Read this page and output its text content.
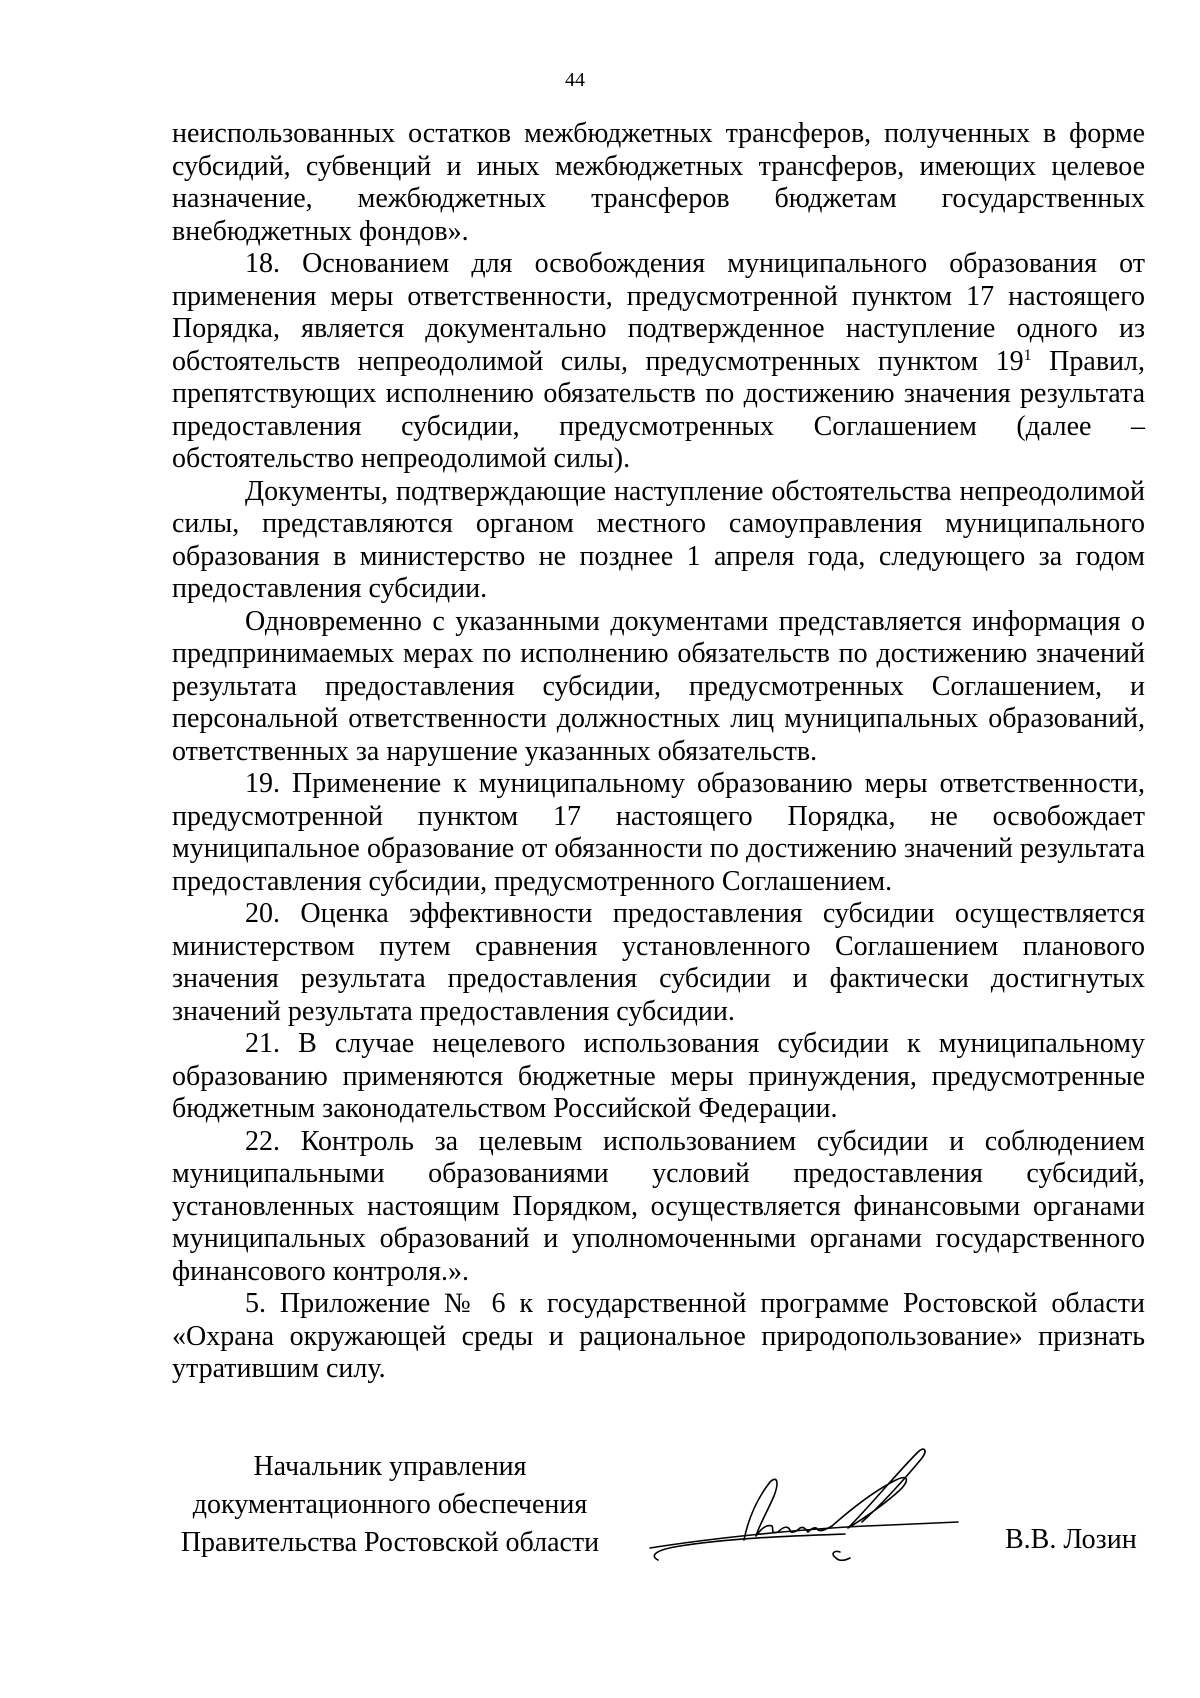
44

неиспользованных остатков межбюджетных трансферов, полученных в форме субсидий, субвенций и иных межбюджетных трансферов, имеющих целевое назначение, межбюджетных трансферов бюджетам государственных внебюджетных фондов».

18. Основанием для освобождения муниципального образования от применения меры ответственности, предусмотренной пунктом 17 настоящего Порядка, является документально подтвержденное наступление одного из обстоятельств непреодолимой силы, предусмотренных пунктом $19^1$ Правил, препятствующих исполнению обязательств по достижению значения результата предоставления субсидии, предусмотренных Соглашением (далее – обстоятельство непреодолимой силы).

Документы, подтверждающие наступление обстоятельства непреодолимой силы, представляются органом местного самоуправления муниципального образования в министерство не позднее 1 апреля года, следующего за годом предоставления субсидии.

Одновременно с указанными документами представляется информация о предпринимаемых мерах по исполнению обязательств по достижению значений результата предоставления субсидии, предусмотренных Соглашением, и персональной ответственности должностных лиц муниципальных образований, ответственных за нарушение указанных обязательств.

19. Применение к муниципальному образованию меры ответственности, предусмотренной пунктом 17 настоящего Порядка, не освобождает муниципальное образование от обязанности по достижению значений результата предоставления субсидии, предусмотренного Соглашением.

20. Оценка эффективности предоставления субсидии осуществляется министерством путем сравнения установленного Соглашением планового значения результата предоставления субсидии и фактически достигнутых значений результата предоставления субсидии.

21. В случае нецелевого использования субсидии к муниципальному образованию применяются бюджетные меры принуждения, предусмотренные бюджетным законодательством Российской Федерации.

22. Контроль за целевым использованием субсидии и соблюдением муниципальными образованиями условий предоставления субсидий, установленных настоящим Порядком, осуществляется финансовыми органами муниципальных образований и уполномоченными органами государственного финансового контроля.».

5. Приложение № 6 к государственной программе Ростовской области «Охрана окружающей среды и рациональное природопользование» признать утратившим силу.

Начальник управления
документационного обеспечения
Правительства Ростовской области	В.В. Лозин
